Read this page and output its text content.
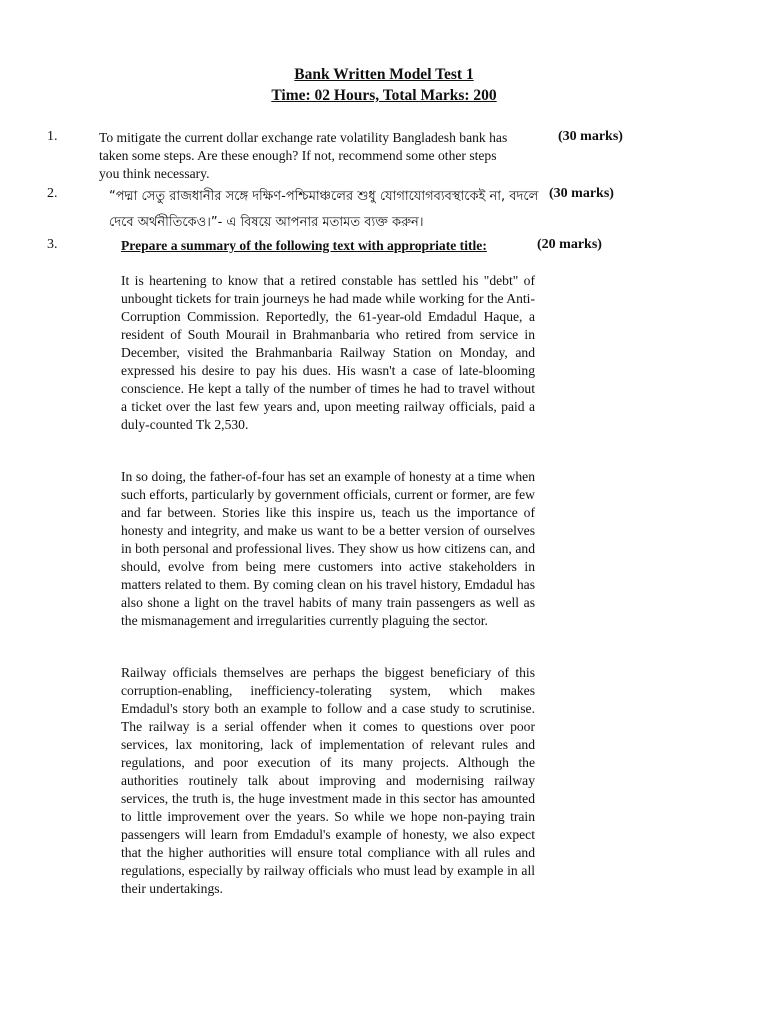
Bank Written Model Test 1
Time: 02 Hours, Total Marks: 200
1.	To mitigate the current dollar exchange rate volatility Bangladesh bank has
taken some steps. Are these enough? If not, recommend some other steps
you think necessary.
(30 marks)
2.	“পদ্মা সেতু রাজধানীর সঙ্গে দক্ষিণ-পশ্চিমাঞ্চলের শুধু যোগাযোগব্যবস্থাকেই না, বদলে
দেবে অর্থনীতিকেও।”- এ বিষয়ে আপনার মতামত ব্যক্ত করুন।
(30 marks)
3.	Prepare a summary of the following text with appropriate title:	(20 marks)

It is heartening to know that a retired constable has settled his "debt" of unbought tickets for train journeys he had made while working for the Anti-Corruption Commission. Reportedly, the 61-year-old Emdadul Haque, a resident of South Mourail in Brahmanbaria who retired from service in December, visited the Brahmanbaria Railway Station on Monday, and expressed his desire to pay his dues. His wasn't a case of late-blooming conscience. He kept a tally of the number of times he had to travel without a ticket over the last few years and, upon meeting railway officials, paid a duly-counted Tk 2,530.

In so doing, the father-of-four has set an example of honesty at a time when such efforts, particularly by government officials, current or former, are few and far between. Stories like this inspire us, teach us the importance of honesty and integrity, and make us want to be a better version of ourselves in both personal and professional lives. They show us how citizens can, and should, evolve from being mere customers into active stakeholders in matters related to them. By coming clean on his travel history, Emdadul has also shone a light on the travel habits of many train passengers as well as the mismanagement and irregularities currently plaguing the sector.

Railway officials themselves are perhaps the biggest beneficiary of this corruption-enabling, inefficiency-tolerating system, which makes Emdadul's story both an example to follow and a case study to scrutinise. The railway is a serial offender when it comes to questions over poor services, lax monitoring, lack of implementation of relevant rules and regulations, and poor execution of its many projects. Although the authorities routinely talk about improving and modernising railway services, the truth is, the huge investment made in this sector has amounted to little improvement over the years. So while we hope non-paying train passengers will learn from Emdadul's example of honesty, we also expect that the higher authorities will ensure total compliance with all rules and regulations, especially by railway officials who must lead by example in all their undertakings.
